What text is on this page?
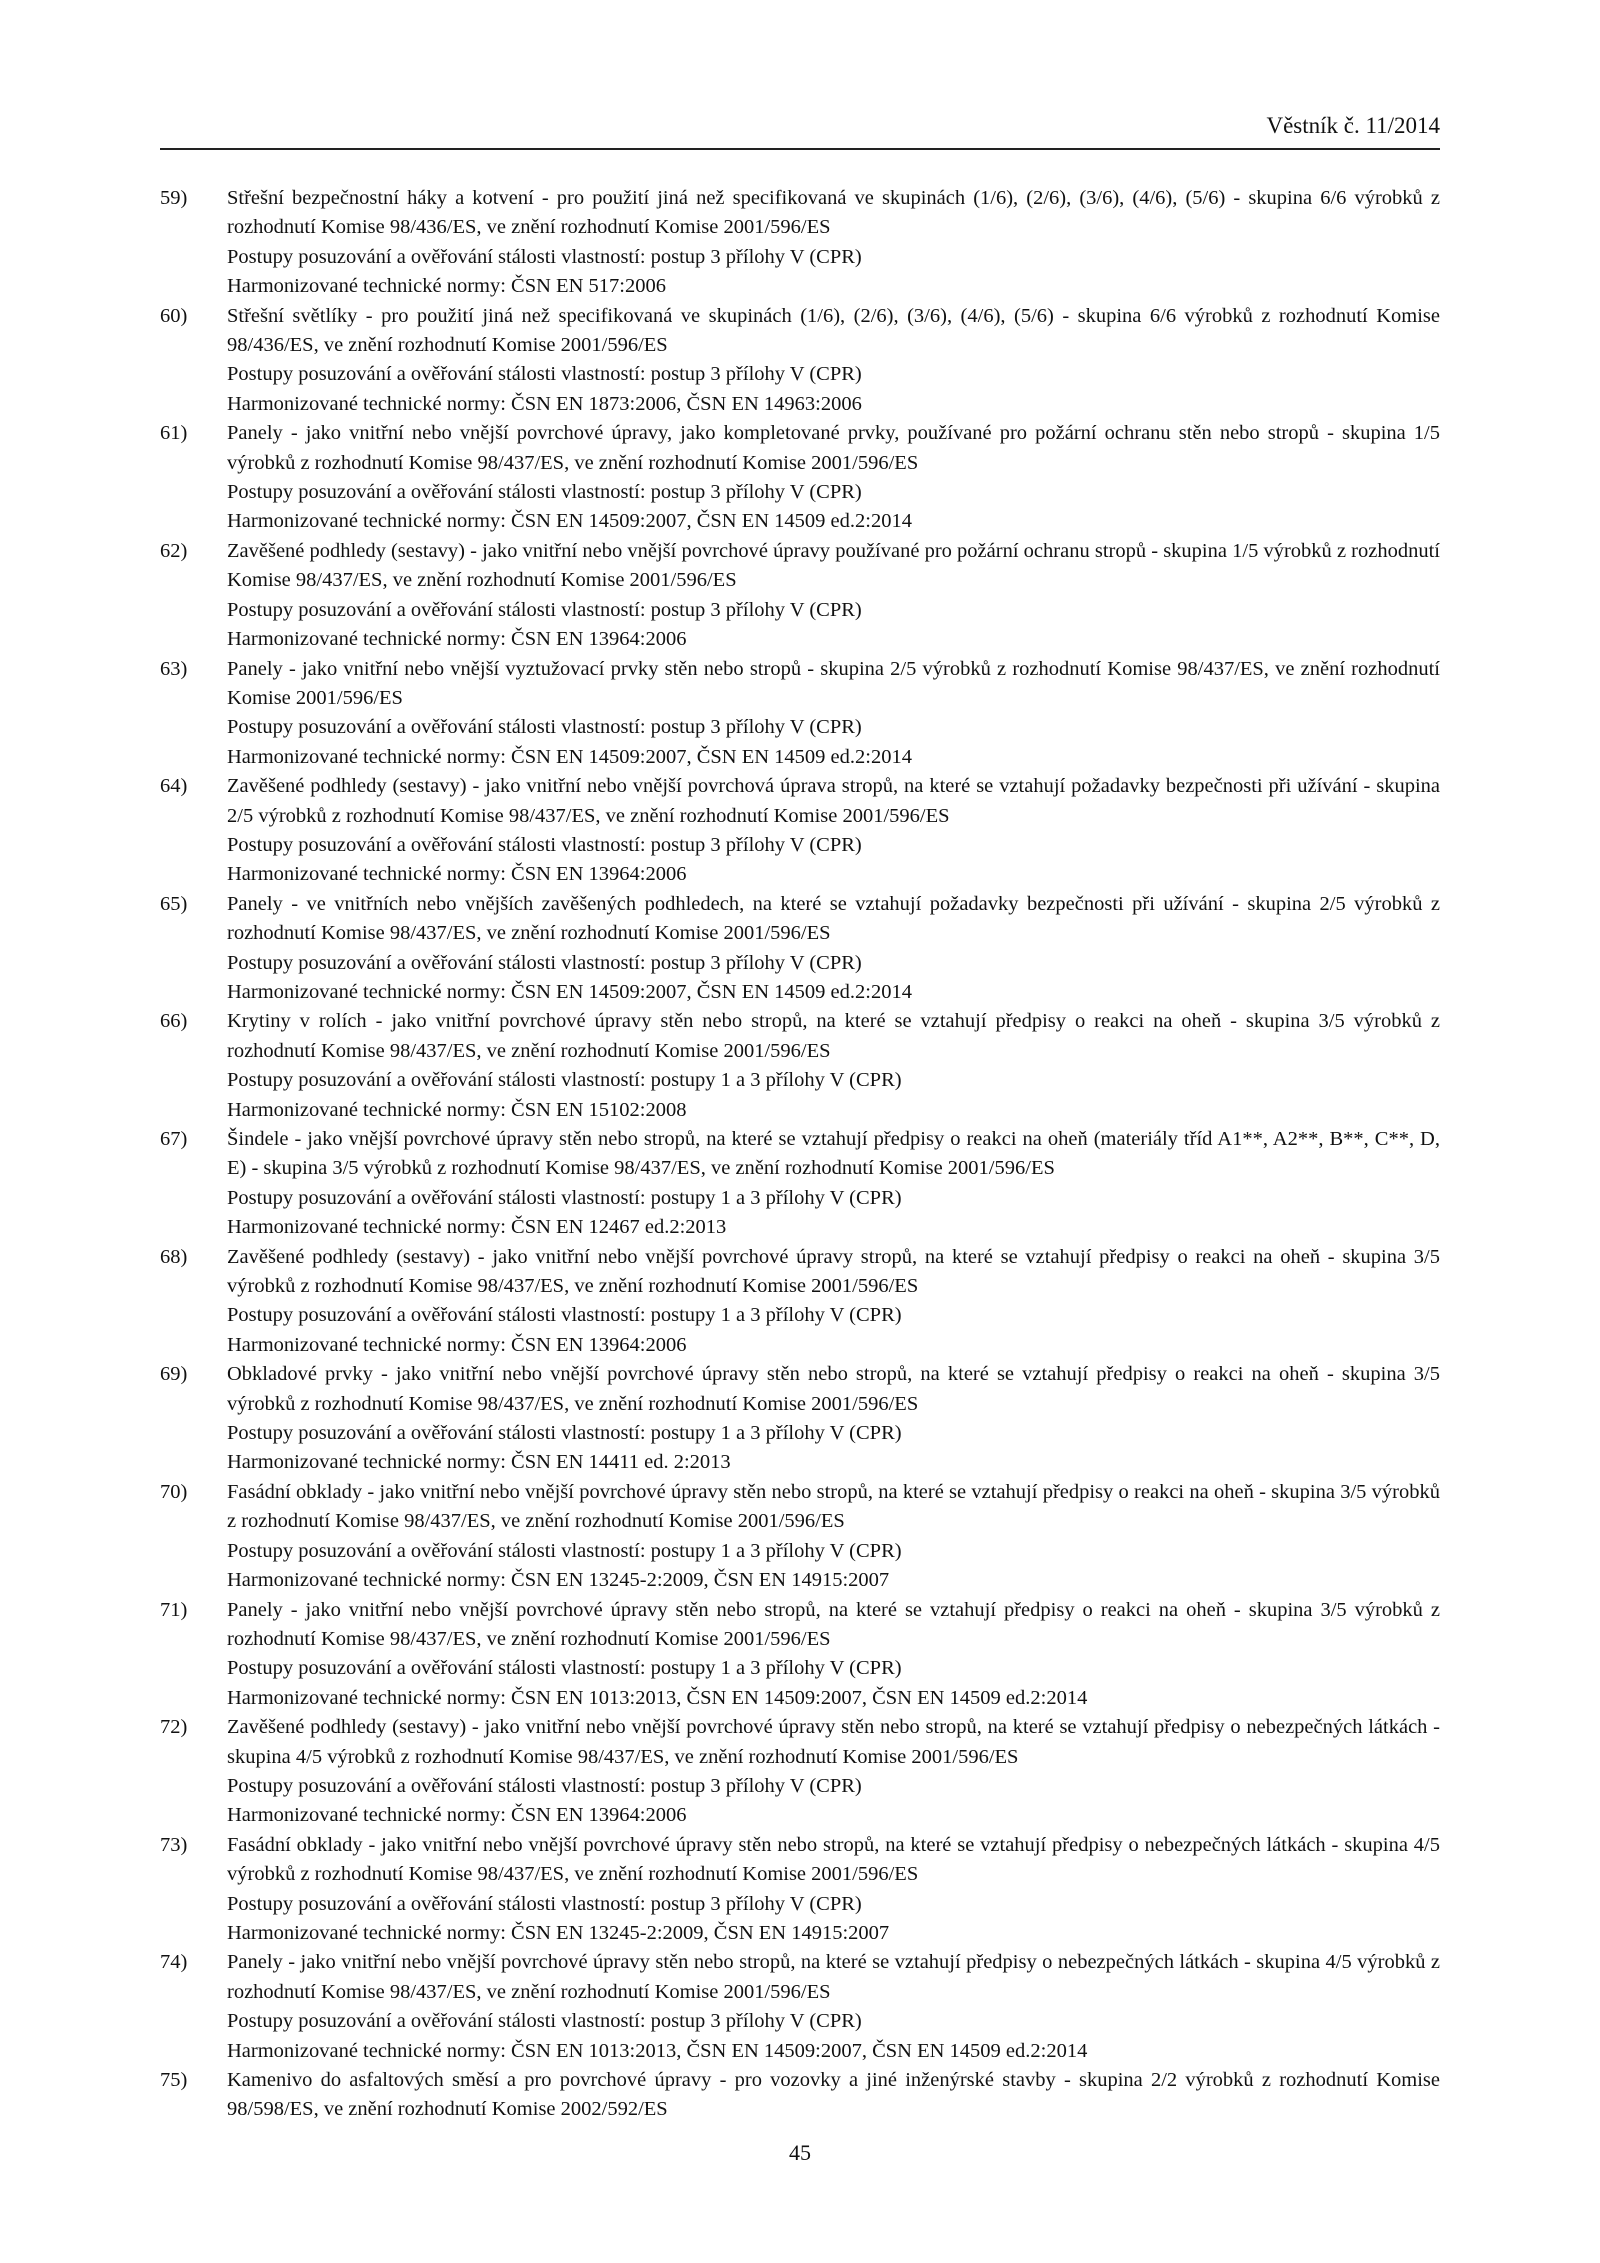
Věstník č. 11/2014
59) Střešní bezpečnostní háky a kotvení - pro použití jiná než specifikovaná ve skupinách (1/6), (2/6), (3/6), (4/6), (5/6) - skupina 6/6 výrobků z rozhodnutí Komise 98/436/ES, ve znění rozhodnutí Komise 2001/596/ES
Postupy posuzování a ověřování stálosti vlastností: postup 3 přílohy V (CPR)
Harmonizované technické normy: ČSN EN 517:2006
60) Střešní světlíky - pro použití jiná než specifikovaná ve skupinách (1/6), (2/6), (3/6), (4/6), (5/6) - skupina 6/6 výrobků z rozhodnutí Komise 98/436/ES, ve znění rozhodnutí Komise 2001/596/ES
Postupy posuzování a ověřování stálosti vlastností: postup 3 přílohy V (CPR)
Harmonizované technické normy: ČSN EN 1873:2006, ČSN EN 14963:2006
61) Panely - jako vnitřní nebo vnější povrchové úpravy, jako kompletované prvky, používané pro požární ochranu stěn nebo stropů - skupina 1/5 výrobků z rozhodnutí Komise 98/437/ES, ve znění rozhodnutí Komise 2001/596/ES
Postupy posuzování a ověřování stálosti vlastností: postup 3 přílohy V (CPR)
Harmonizované technické normy: ČSN EN 14509:2007, ČSN EN 14509 ed.2:2014
62) Zavěšené podhledy (sestavy) - jako vnitřní nebo vnější povrchové úpravy používané pro požární ochranu stropů - skupina 1/5 výrobků z rozhodnutí Komise 98/437/ES, ve znění rozhodnutí Komise 2001/596/ES
Postupy posuzování a ověřování stálosti vlastností: postup 3 přílohy V (CPR)
Harmonizované technické normy: ČSN EN 13964:2006
63) Panely - jako vnitřní nebo vnější vyztužovací prvky stěn nebo stropů - skupina 2/5 výrobků z rozhodnutí Komise 98/437/ES, ve znění rozhodnutí Komise 2001/596/ES
Postupy posuzování a ověřování stálosti vlastností: postup 3 přílohy V (CPR)
Harmonizované technické normy: ČSN EN 14509:2007, ČSN EN 14509 ed.2:2014
64) Zavěšené podhledy (sestavy) - jako vnitřní nebo vnější povrchová úprava stropů, na které se vztahují požadavky bezpečnosti při užívání - skupina 2/5 výrobků z rozhodnutí Komise 98/437/ES, ve znění rozhodnutí Komise 2001/596/ES
Postupy posuzování a ověřování stálosti vlastností: postup 3 přílohy V (CPR)
Harmonizované technické normy: ČSN EN 13964:2006
65) Panely - ve vnitřních nebo vnějších zavěšených podhledech, na které se vztahují požadavky bezpečnosti při užívání - skupina 2/5 výrobků z rozhodnutí Komise 98/437/ES, ve znění rozhodnutí Komise 2001/596/ES
Postupy posuzování a ověřování stálosti vlastností: postup 3 přílohy V (CPR)
Harmonizované technické normy: ČSN EN 14509:2007, ČSN EN 14509 ed.2:2014
66) Krytiny v rolích - jako vnitřní povrchové úpravy stěn nebo stropů, na které se vztahují předpisy o reakci na oheň - skupina 3/5 výrobků z rozhodnutí Komise 98/437/ES, ve znění rozhodnutí Komise 2001/596/ES
Postupy posuzování a ověřování stálosti vlastností: postupy 1 a 3 přílohy V (CPR)
Harmonizované technické normy: ČSN EN 15102:2008
67) Šindele - jako vnější povrchové úpravy stěn nebo stropů, na které se vztahují předpisy o reakci na oheň (materiály tříd A1**, A2**, B**, C**, D, E) - skupina 3/5 výrobků z rozhodnutí Komise 98/437/ES, ve znění rozhodnutí Komise 2001/596/ES
Postupy posuzování a ověřování stálosti vlastností: postupy 1 a 3 přílohy V (CPR)
Harmonizované technické normy: ČSN EN 12467 ed.2:2013
68) Zavěšené podhledy (sestavy) - jako vnitřní nebo vnější povrchové úpravy stropů, na které se vztahují předpisy o reakci na oheň - skupina 3/5 výrobků z rozhodnutí Komise 98/437/ES, ve znění rozhodnutí Komise 2001/596/ES
Postupy posuzování a ověřování stálosti vlastností: postupy 1 a 3 přílohy V (CPR)
Harmonizované technické normy: ČSN EN 13964:2006
69) Obkladové prvky - jako vnitřní nebo vnější povrchové úpravy stěn nebo stropů, na které se vztahují předpisy o reakci na oheň - skupina 3/5 výrobků z rozhodnutí Komise 98/437/ES, ve znění rozhodnutí Komise 2001/596/ES
Postupy posuzování a ověřování stálosti vlastností: postupy 1 a 3 přílohy V (CPR)
Harmonizované technické normy: ČSN EN 14411 ed. 2:2013
70) Fasádní obklady - jako vnitřní nebo vnější povrchové úpravy stěn nebo stropů, na které se vztahují předpisy o reakci na oheň - skupina 3/5 výrobků z rozhodnutí Komise 98/437/ES, ve znění rozhodnutí Komise 2001/596/ES
Postupy posuzování a ověřování stálosti vlastností: postupy 1 a 3 přílohy V (CPR)
Harmonizované technické normy: ČSN EN 13245-2:2009, ČSN EN 14915:2007
71) Panely - jako vnitřní nebo vnější povrchové úpravy stěn nebo stropů, na které se vztahují předpisy o reakci na oheň - skupina 3/5 výrobků z rozhodnutí Komise 98/437/ES, ve znění rozhodnutí Komise 2001/596/ES
Postupy posuzování a ověřování stálosti vlastností: postupy 1 a 3 přílohy V (CPR)
Harmonizované technické normy: ČSN EN 1013:2013, ČSN EN 14509:2007, ČSN EN 14509 ed.2:2014
72) Zavěšené podhledy (sestavy) - jako vnitřní nebo vnější povrchové úpravy stěn nebo stropů, na které se vztahují předpisy o nebezpečných látkách - skupina 4/5 výrobků z rozhodnutí Komise 98/437/ES, ve znění rozhodnutí Komise 2001/596/ES
Postupy posuzování a ověřování stálosti vlastností: postup 3 přílohy V (CPR)
Harmonizované technické normy: ČSN EN 13964:2006
73) Fasádní obklady - jako vnitřní nebo vnější povrchové úpravy stěn nebo stropů, na které se vztahují předpisy o nebezpečných látkách - skupina 4/5 výrobků z rozhodnutí Komise 98/437/ES, ve znění rozhodnutí Komise 2001/596/ES
Postupy posuzování a ověřování stálosti vlastností: postup 3 přílohy V (CPR)
Harmonizované technické normy: ČSN EN 13245-2:2009, ČSN EN 14915:2007
74) Panely - jako vnitřní nebo vnější povrchové úpravy stěn nebo stropů, na které se vztahují předpisy o nebezpečných látkách - skupina 4/5 výrobků z rozhodnutí Komise 98/437/ES, ve znění rozhodnutí Komise 2001/596/ES
Postupy posuzování a ověřování stálosti vlastností: postup 3 přílohy V (CPR)
Harmonizované technické normy: ČSN EN 1013:2013, ČSN EN 14509:2007, ČSN EN 14509 ed.2:2014
75) Kamenivo do asfaltových směsí a pro povrchové úpravy - pro vozovky a jiné inženýrské stavby - skupina 2/2 výrobků z rozhodnutí Komise 98/598/ES, ve znění rozhodnutí Komise 2002/592/ES
45
